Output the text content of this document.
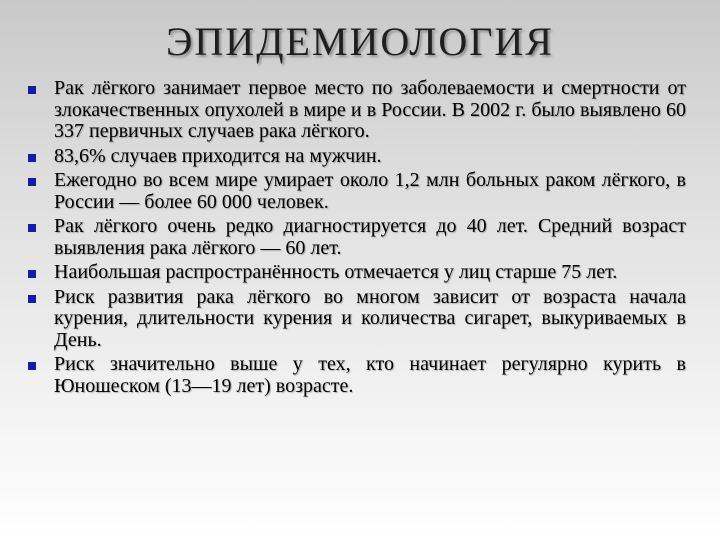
ЭПИДЕМИОЛОГИЯ
Рак лёгкого занимает первое место по заболеваемости и смертности от злокачественных опухолей в мире и в России. В 2002 г. было выявлено 60 337 первичных случаев рака лёгкого.
83,6% случаев приходится на мужчин.
Ежегодно во всем мире умирает около 1,2 млн больных раком лёгкого, в России — более 60 000 человек.
Рак лёгкого очень редко диагностируется до 40 лет. Средний возраст выявления рака лёгкого — 60 лет.
Наибольшая распространённость отмечается у лиц старше 75 лет.
Риск развития рака лёгкого во многом зависит от возраста начала курения, длительности курения и количества сигарет, выкуриваемых в День.
Риск значительно выше у тех, кто начинает регулярно курить в Юношеском (13—19 лет) возрасте.
